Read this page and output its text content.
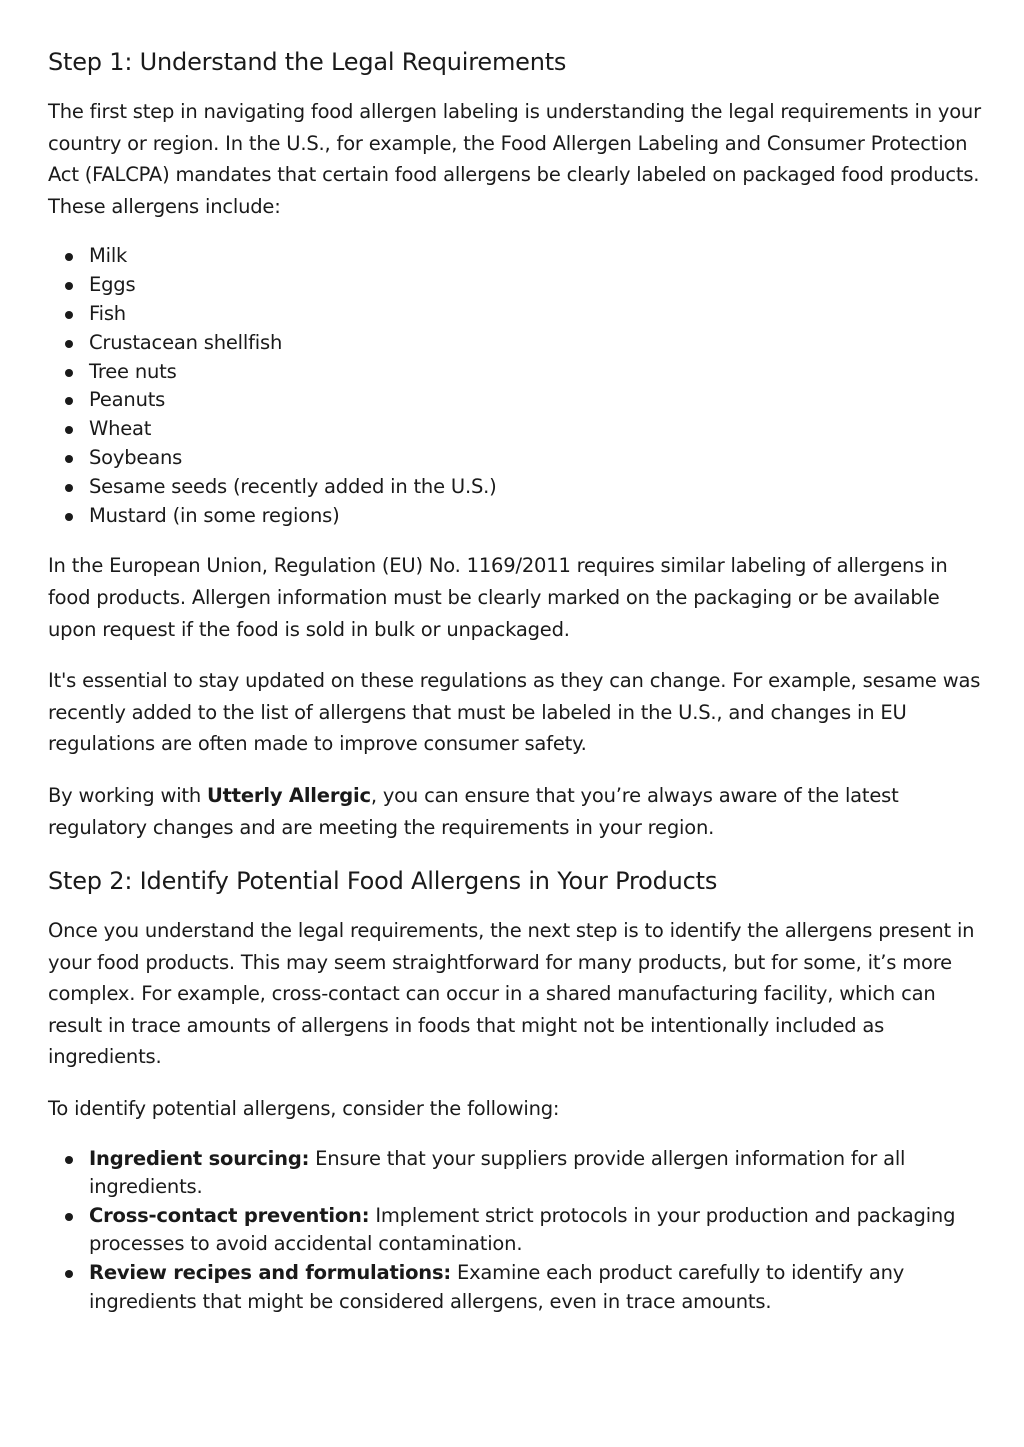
Step 1: Understand the Legal Requirements

The first step in navigating food allergen labeling is understanding the legal requirements in your country or region. In the U.S., for example, the Food Allergen Labeling and Consumer Protection Act (FALCPA) mandates that certain food allergens be clearly labeled on packaged food products. These allergens include:

Milk
Eggs
Fish
Crustacean shellfish
Tree nuts
Peanuts
Wheat
Soybeans
Sesame seeds (recently added in the U.S.)
Mustard (in some regions)

In the European Union, Regulation (EU) No. 1169/2011 requires similar labeling of allergens in food products. Allergen information must be clearly marked on the packaging or be available upon request if the food is sold in bulk or unpackaged.

It's essential to stay updated on these regulations as they can change. For example, sesame was recently added to the list of allergens that must be labeled in the U.S., and changes in EU regulations are often made to improve consumer safety.

By working with Utterly Allergic, you can ensure that you’re always aware of the latest regulatory changes and are meeting the requirements in your region.

Step 2: Identify Potential Food Allergens in Your Products

Once you understand the legal requirements, the next step is to identify the allergens present in your food products. This may seem straightforward for many products, but for some, it’s more complex. For example, cross-contact can occur in a shared manufacturing facility, which can result in trace amounts of allergens in foods that might not be intentionally included as ingredients.

To identify potential allergens, consider the following:

Ingredient sourcing: Ensure that your suppliers provide allergen information for all ingredients.
Cross-contact prevention: Implement strict protocols in your production and packaging processes to avoid accidental contamination.
Review recipes and formulations: Examine each product carefully to identify any ingredients that might be considered allergens, even in trace amounts.
